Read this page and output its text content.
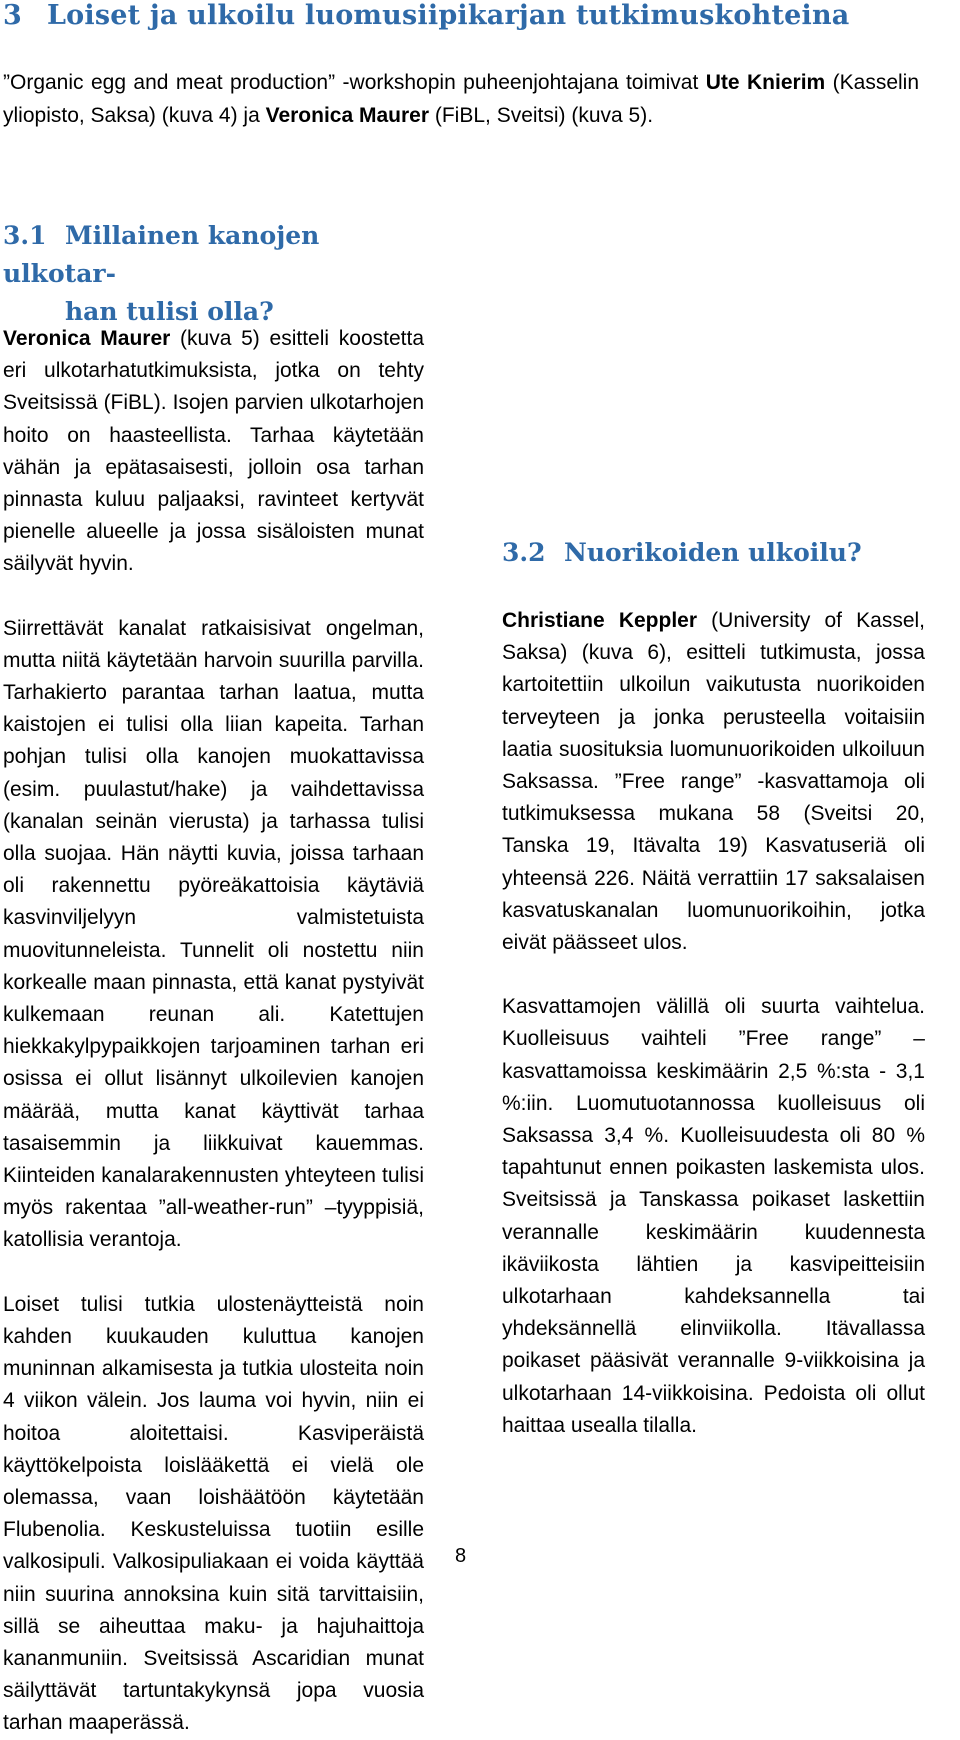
3 Loiset ja ulkoilu luomusiipikarjan tutkimuskohteina

”Organic egg and meat production” -workshopin puheenjohtajana toimivat Ute Knierim (Kasselin yliopisto, Saksa) (kuva 4) ja Veronica Maurer (FiBL, Sveitsi) (kuva 5).

3.1 Millainen kanojen ulkotar-
han tulisi olla?

Veronica Maurer (kuva 5) esitteli koostetta eri ulkotarhatutkimuksista, jotka on tehty Sveitsissä (FiBL). Isojen parvien ulkotarhojen hoito on haasteellista. Tarhaa käytetään vähän ja epätasaisesti, jolloin osa tarhan pinnasta kuluu paljaaksi, ravinteet kertyvät pienelle alueelle ja jossa sisäloisten munat säilyvät hyvin.

Siirrettävät kanalat ratkaisisivat ongelman, mutta niitä käytetään harvoin suurilla parvilla. Tarhakierto parantaa tarhan laatua, mutta kaistojen ei tulisi olla liian kapeita. Tarhan pohjan tulisi olla kanojen muokattavissa (esim. puulastut/hake) ja vaihdettavissa (kanalan seinän vierusta) ja tarhassa tulisi olla suojaa. Hän näytti kuvia, joissa tarhaan oli rakennettu pyöreäkattoisia käytäviä kasvinviljelyyn valmistetuista muovitunneleista. Tunnelit oli nostettu niin korkealle maan pinnasta, että kanat pystyivät kulkemaan reunan ali. Katettujen hiekkakylpypaikkojen tarjoaminen tarhan eri osissa ei ollut lisännyt ulkoilevien kanojen määrää, mutta kanat käyttivät tarhaa tasaisemmin ja liikkuivat kauemmas. Kiinteiden kanalarakennusten yhteyteen tulisi myös rakentaa ”all-weather-run” –tyyppisiä, katollisia verantoja.

Loiset tulisi tutkia ulostenäytteistä noin kahden kuukauden kuluttua kanojen muninnan alkamisesta ja tutkia ulosteita noin 4 viikon välein. Jos lauma voi hyvin, niin ei hoitoa aloitettaisi. Kasviperäistä käyttökelpoista loislääkettä ei vielä ole olemassa, vaan loishäätöön käytetään Flubenolia. Keskusteluissa tuotiin esille valkosipuli. Valkosipuliakaan ei voida käyttää niin suurina annoksina kuin sitä tarvittaisiin, sillä se aiheuttaa maku- ja hajuhaittoja kananmuniin. Sveitsissä Ascaridian munat säilyttävät tartuntakykynsä jopa vuosia tarhan maaperässä.

3.2 Nuorikoiden ulkoilu?

Christiane Keppler (University of Kassel, Saksa) (kuva 6), esitteli tutkimusta, jossa kartoitettiin ulkoilun vaikutusta nuorikoiden terveyteen ja jonka perusteella voitaisiin laatia suosituksia luomunuorikoiden ulkoiluun Saksassa. ”Free range” -kasvattamoja oli tutkimuksessa mukana 58 (Sveitsi 20, Tanska 19, Itävalta 19) Kasvatuseriä oli yhteensä 226. Näitä verrattiin 17 saksalaisen kasvatuskanalan luomunuorikoihin, jotka eivät päässeet ulos.

Kasvattamojen välillä oli suurta vaihtelua. Kuolleisuus vaihteli ”Free range” –kasvattamoissa keskimäärin 2,5 %:sta - 3,1 %:iin. Luomutuotannossa kuolleisuus oli Saksassa 3,4 %. Kuolleisuudesta oli 80 % tapahtunut ennen poikasten laskemista ulos. Sveitsissä ja Tanskassa poikaset laskettiin verannalle keskimäärin kuudennesta ikäviikosta lähtien ja kasvipeitteisiin ulkotarhaan kahdeksannella tai yhdeksännellä elinviikolla. Itävallassa poikaset pääsivät verannalle 9-viikkoisina ja ulkotarhaan 14-viikkoisina. Pedoista oli ollut haittaa usealla tilalla.

8
